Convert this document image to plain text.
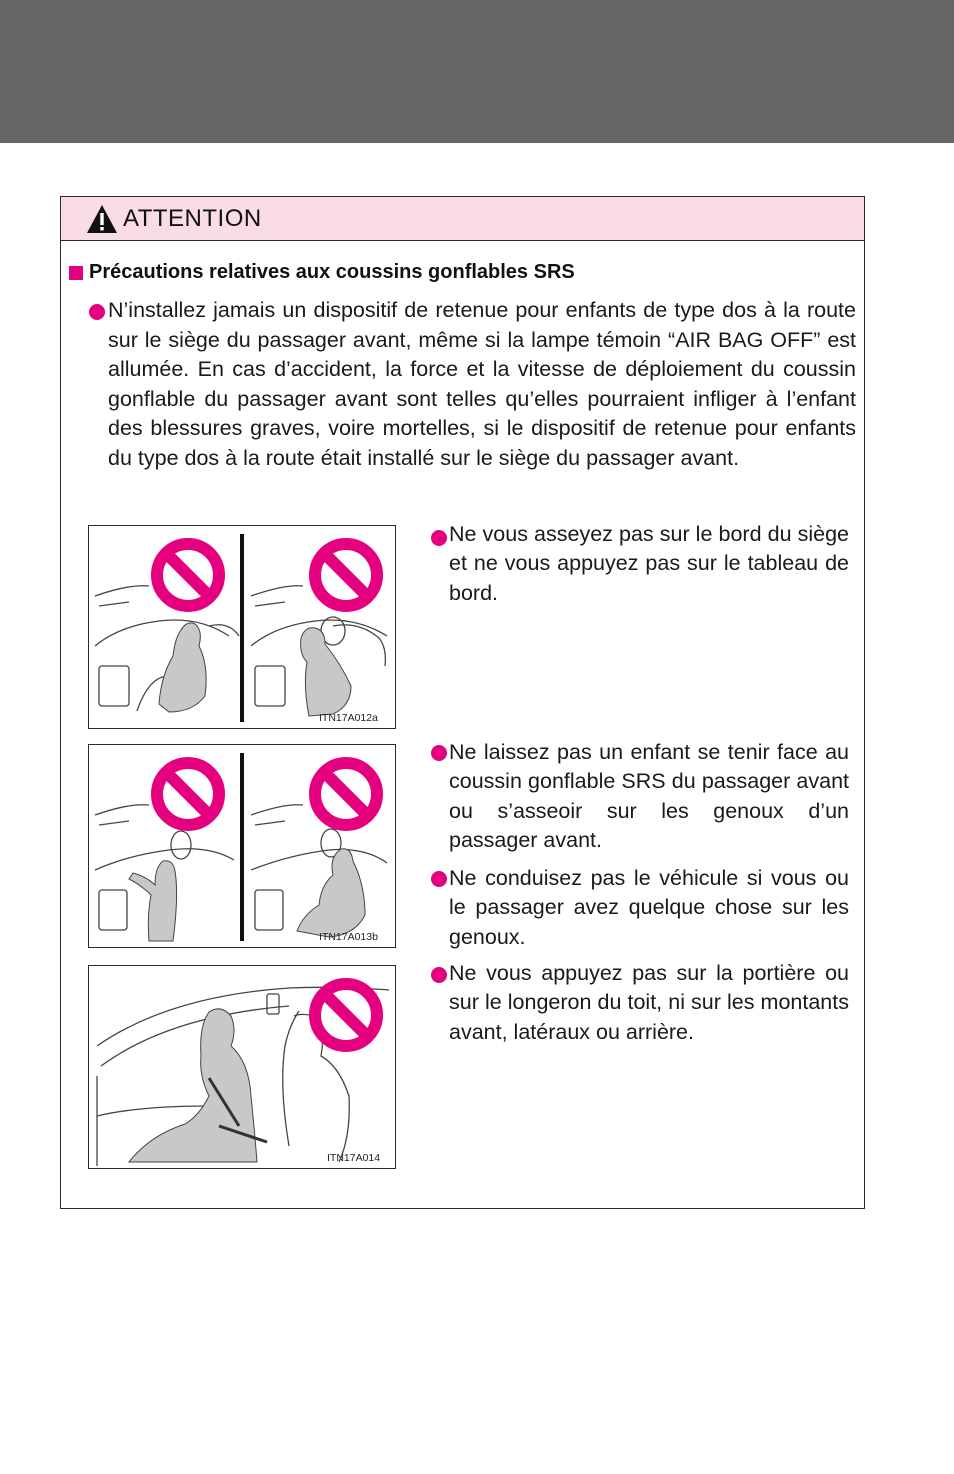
ATTENTION
Précautions relatives aux coussins gonflables SRS
N’installez jamais un dispositif de retenue pour enfants de type dos à la route sur le siège du passager avant, même si la lampe témoin “AIR BAG OFF” est allumée. En cas d’accident, la force et la vitesse de déploiement du coussin gonflable du passager avant sont telles qu’elles pourraient infliger à l’enfant des blessures graves, voire mortelles, si le dispositif de retenue pour enfants du type dos à la route était installé sur le siège du passager avant.
ITN17A012a
ITN17A013b
ITN17A014
Ne vous asseyez pas sur le bord du siège et ne vous appuyez pas sur le tableau de bord.
Ne laissez pas un enfant se tenir face au coussin gonflable SRS du passager avant ou s’asseoir sur les genoux d’un passager avant.
Ne conduisez pas le véhicule si vous ou le passager avez quelque chose sur les genoux.
Ne vous appuyez pas sur la portière ou sur le longeron du toit, ni sur les montants avant, latéraux ou arrière.
